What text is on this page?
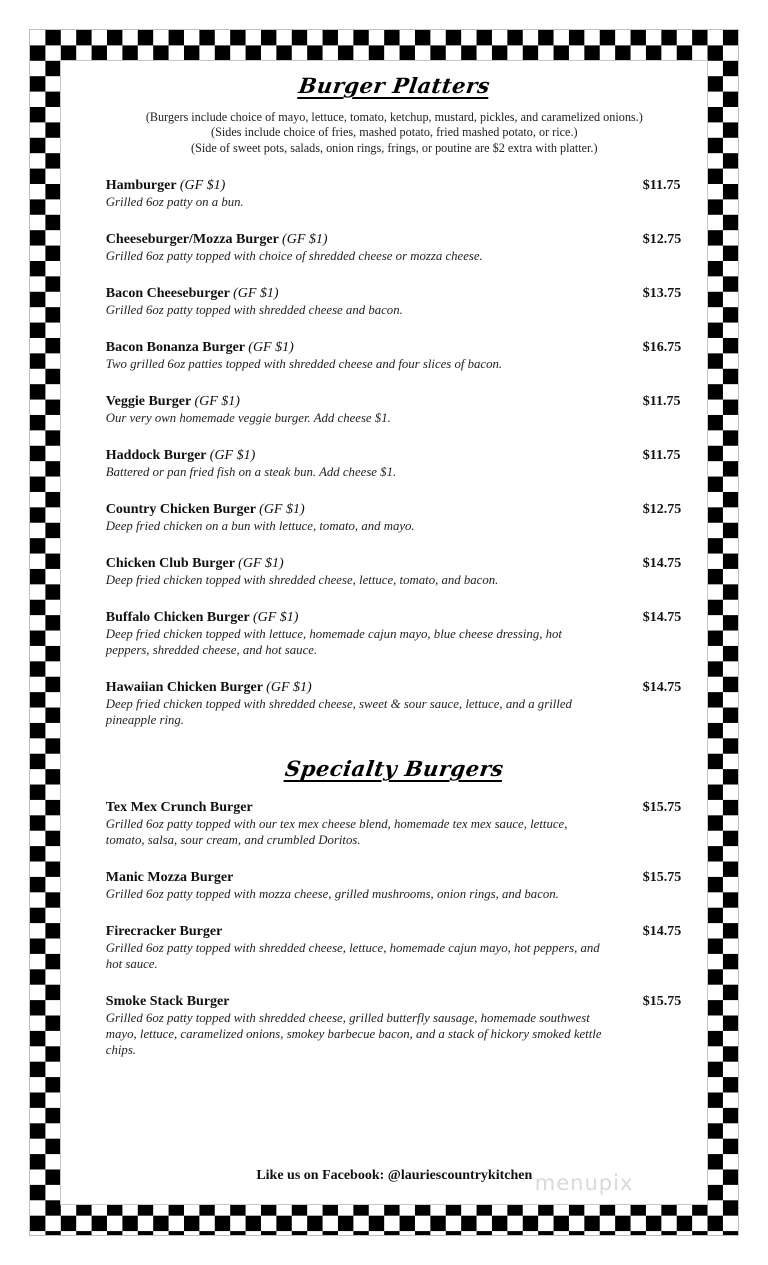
Burger Platters
(Burgers include choice of mayo, lettuce, tomato, ketchup, mustard, pickles, and caramelized onions.)
(Sides include choice of fries, mashed potato, fried mashed potato, or rice.)
(Side of sweet pots, salads, onion rings, frings, or poutine are $2 extra with platter.)
Hamburger (GF $1)	$11.75
Grilled 6oz patty on a bun.
Cheeseburger/Mozza Burger (GF $1)	$12.75
Grilled 6oz patty topped with choice of shredded cheese or mozza cheese.
Bacon Cheeseburger (GF $1)	$13.75
Grilled 6oz patty topped with shredded cheese and bacon.
Bacon Bonanza Burger (GF $1)	$16.75
Two grilled 6oz patties topped with shredded cheese and four slices of bacon.
Veggie Burger (GF $1)	$11.75
Our very own homemade veggie burger. Add cheese $1.
Haddock Burger (GF $1)	$11.75
Battered or pan fried fish on a steak bun. Add cheese $1.
Country Chicken Burger (GF $1)	$12.75
Deep fried chicken on a bun with lettuce, tomato, and mayo.
Chicken Club Burger (GF $1)	$14.75
Deep fried chicken topped with shredded cheese, lettuce, tomato, and bacon.
Buffalo Chicken Burger (GF $1)	$14.75
Deep fried chicken topped with lettuce, homemade cajun mayo, blue cheese dressing, hot peppers, shredded cheese, and hot sauce.
Hawaiian Chicken Burger (GF $1)	$14.75
Deep fried chicken topped with shredded cheese, sweet & sour sauce, lettuce, and a grilled pineapple ring.
Specialty Burgers
Tex Mex Crunch Burger	$15.75
Grilled 6oz patty topped with our tex mex cheese blend, homemade tex mex sauce, lettuce, tomato, salsa, sour cream, and crumbled Doritos.
Manic Mozza Burger	$15.75
Grilled 6oz patty topped with mozza cheese, grilled mushrooms, onion rings, and bacon.
Firecracker Burger	$14.75
Grilled 6oz patty topped with shredded cheese, lettuce, homemade cajun mayo, hot peppers, and hot sauce.
Smoke Stack Burger	$15.75
Grilled 6oz patty topped with shredded cheese, grilled butterfly sausage, homemade southwest mayo, lettuce, caramelized onions, smokey barbecue bacon, and a stack of hickory smoked kettle chips.
Like us on Facebook: @lauriescountrykitchen menupix
